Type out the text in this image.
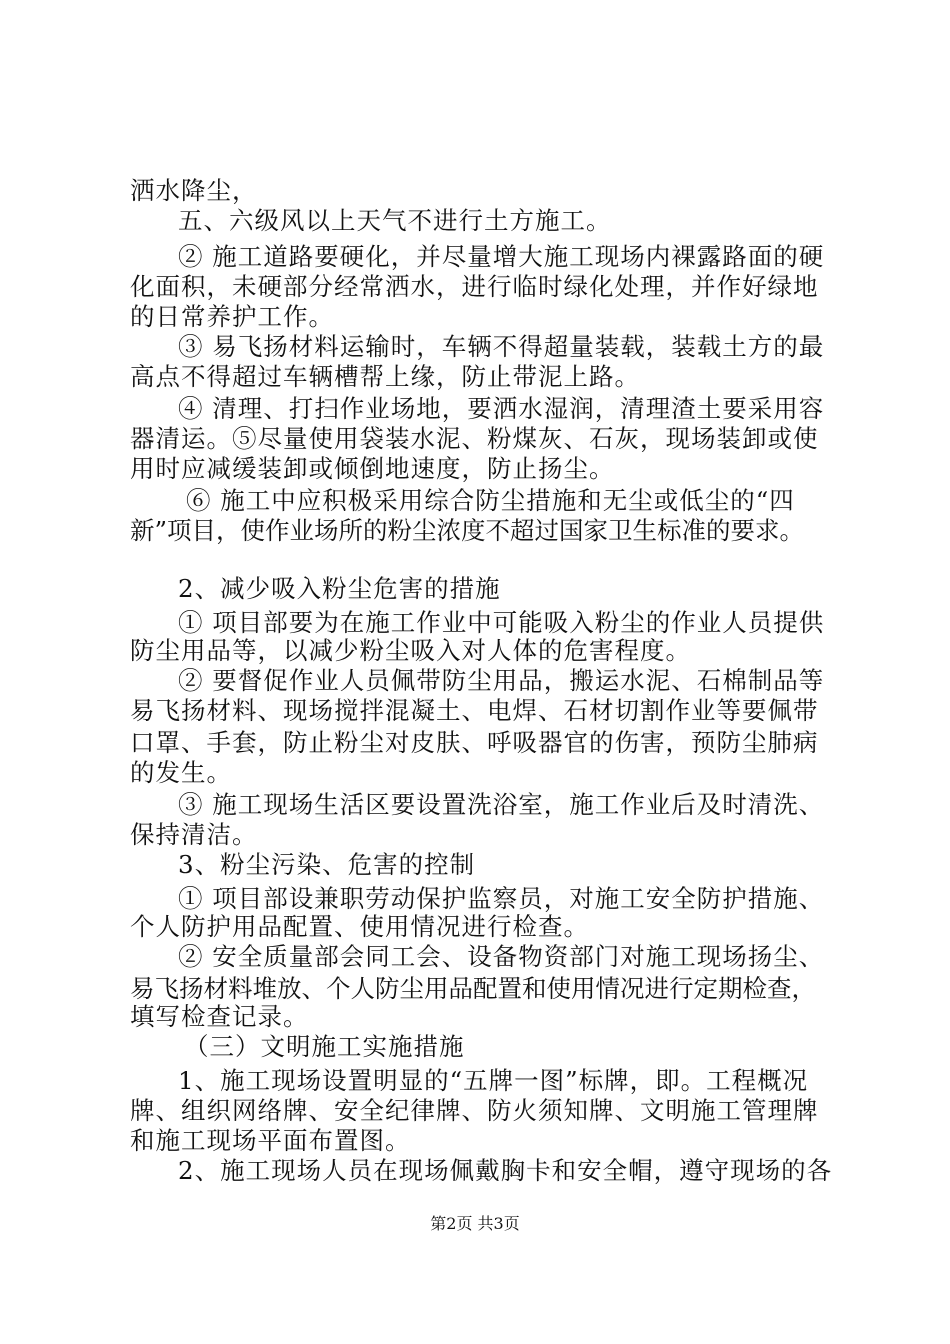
洒水降尘，
五、六级风以上天气不进行土方施工。
② 施工道路要硬化，并尽量增大施工现场内裸露路面的硬
化面积，未硬部分经常洒水，进行临时绿化处理，并作好绿地
的日常养护工作。
③ 易飞扬材料运输时，车辆不得超量装载，装载土方的最
高点不得超过车辆槽帮上缘，防止带泥上路。
④ 清理、打扫作业场地，要洒水湿润，清理渣土要采用容
器清运。⑤尽量使用袋装水泥、粉煤灰、石灰，现场装卸或使
用时应减缓装卸或倾倒地速度，防止扬尘。
⑥ 施工中应积极采用综合防尘措施和无尘或低尘的“四
新”项目，使作业场所的粉尘浓度不超过国家卫生标准的要求。
2、减少吸入粉尘危害的措施
① 项目部要为在施工作业中可能吸入粉尘的作业人员提供
防尘用品等，以减少粉尘吸入对人体的危害程度。
② 要督促作业人员佩带防尘用品，搬运水泥、石棉制品等
易飞扬材料、现场搅拌混凝土、电焊、石材切割作业等要佩带
口罩、手套，防止粉尘对皮肤、呼吸器官的伤害，预防尘肺病
的发生。
③ 施工现场生活区要设置洗浴室，施工作业后及时清洗、
保持清洁。
3、粉尘污染、危害的控制
① 项目部设兼职劳动保护监察员，对施工安全防护措施、
个人防护用品配置、使用情况进行检查。
② 安全质量部会同工会、设备物资部门对施工现场扬尘、
易飞扬材料堆放、个人防尘用品配置和使用情况进行定期检查，
填写检查记录。
（三）文明施工实施措施
1、施工现场设置明显的“五牌一图”标牌，即。工程概况
牌、组织网络牌、安全纪律牌、防火须知牌、文明施工管理牌
和施工现场平面布置图。
2、施工现场人员在现场佩戴胸卡和安全帽，遵守现场的各
第2页 共3页
